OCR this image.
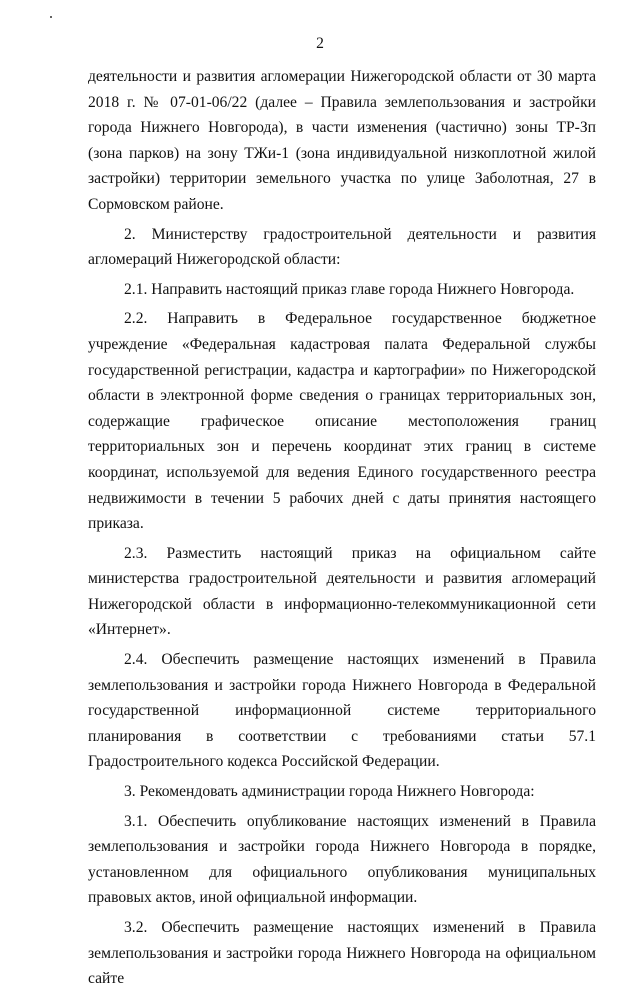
2

деятельности и развития агломерации Нижегородской области от 30 марта 2018 г. № 07-01-06/22 (далее – Правила землепользования и застройки города Нижнего Новгорода), в части изменения (частично) зоны ТР-Зп (зона парков) на зону ТЖи-1 (зона индивидуальной низкоплотной жилой застройки) территории земельного участка по улице Заболотная, 27 в Сормовском районе.

2. Министерству градостроительной деятельности и развития агломераций Нижегородской области:

2.1. Направить настоящий приказ главе города Нижнего Новгорода.

2.2. Направить в Федеральное государственное бюджетное учреждение «Федеральная кадастровая палата Федеральной службы государственной регистрации, кадастра и картографии» по Нижегородской области в электронной форме сведения о границах территориальных зон, содержащие графическое описание местоположения границ территориальных зон и перечень координат этих границ в системе координат, используемой для ведения Единого государственного реестра недвижимости в течении 5 рабочих дней с даты принятия настоящего приказа.

2.3. Разместить настоящий приказ на официальном сайте министерства градостроительной деятельности и развития агломераций Нижегородской области в информационно-телекоммуникационной сети «Интернет».

2.4. Обеспечить размещение настоящих изменений в Правила землепользования и застройки города Нижнего Новгорода в Федеральной государственной информационной системе территориального планирования в соответствии с требованиями статьи 57.1 Градостроительного кодекса Российской Федерации.

3. Рекомендовать администрации города Нижнего Новгорода:

3.1. Обеспечить опубликование настоящих изменений в Правила землепользования и застройки города Нижнего Новгорода в порядке, установленном для официального опубликования муниципальных правовых актов, иной официальной информации.

3.2. Обеспечить размещение настоящих изменений в Правила землепользования и застройки города Нижнего Новгорода на официальном сайте
